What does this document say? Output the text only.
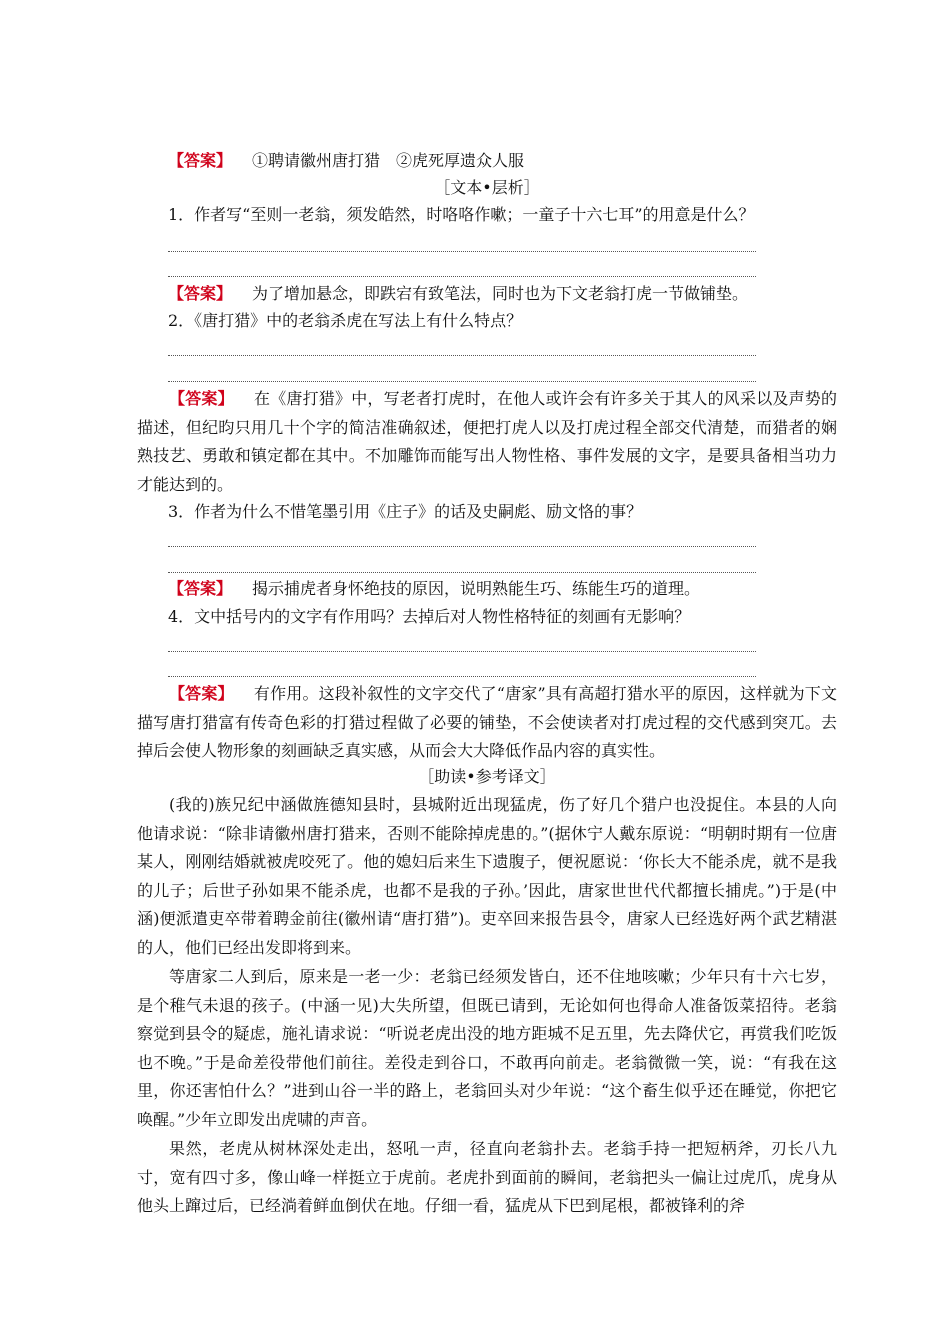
【答案】 ①聘请徽州唐打猎　②虎死厚遗众人服
［文本•层析］
1．作者写“至则一老翁，须发皓然，时咯咯作嗽；一童子十六七耳”的用意是什么？
【答案】 为了增加悬念，即跌宕有致笔法，同时也为下文老翁打虎一节做铺垫。
2．《唐打猎》中的老翁杀虎在写法上有什么特点？
【答案】 在《唐打猎》中，写老者打虎时，在他人或许会有许多关于其人的风采以及声势的描述，但纪昀只用几十个字的简洁准确叙述，便把打虎人以及打虎过程全部交代清楚，而猎者的娴熟技艺、勇敢和镇定都在其中。不加雕饰而能写出人物性格、事件发展的文字，是要具备相当功力才能达到的。
3．作者为什么不惜笔墨引用《庄子》的话及史嗣彪、励文恪的事？
【答案】 揭示捕虎者身怀绝技的原因，说明熟能生巧、练能生巧的道理。
4．文中括号内的文字有作用吗？去掉后对人物性格特征的刻画有无影响？
【答案】 有作用。这段补叙性的文字交代了“唐家”具有高超打猎水平的原因，这样就为下文描写唐打猎富有传奇色彩的打猎过程做了必要的铺垫，不会使读者对打虎过程的交代感到突兀。去掉后会使人物形象的刻画缺乏真实感，从而会大大降低作品内容的真实性。
［助读•参考译文］
(我的)族兄纪中涵做旌德知县时，县城附近出现猛虎，伤了好几个猎户也没捉住。本县的人向他请求说：“除非请徽州唐打猎来，否则不能除掉虎患的。”(据休宁人戴东原说：“明朝时期有一位唐某人，刚刚结婚就被虎咬死了。他的媳妇后来生下遗腹子，便祝愿说：‘你长大不能杀虎，就不是我的儿子；后世子孙如果不能杀虎，也都不是我的子孙。’因此，唐家世世代代都擅长捕虎。”)于是(中涵)便派遣吏卒带着聘金前往(徽州请“唐打猎”)。吏卒回来报告县令，唐家人已经选好两个武艺精湛的人，他们已经出发即将到来。
等唐家二人到后，原来是一老一少：老翁已经须发皆白，还不住地咳嗽；少年只有十六七岁，是个稚气未退的孩子。(中涵一见)大失所望，但既已请到，无论如何也得命人准备饭菜招待。老翁察觉到县令的疑虑，施礼请求说：“听说老虎出没的地方距城不足五里，先去降伏它，再赏我们吃饭也不晚。”于是命差役带他们前往。差役走到谷口，不敢再向前走。老翁微微一笑，说：“有我在这里，你还害怕什么？”进到山谷一半的路上，老翁回头对少年说：“这个畜生似乎还在睡觉，你把它唤醒。”少年立即发出虎啸的声音。
果然，老虎从树林深处走出，怒吼一声，径直向老翁扑去。老翁手持一把短柄斧，刃长八九寸，宽有四寸多，像山峰一样挺立于虎前。老虎扑到面前的瞬间，老翁把头一偏让过虎爪，虎身从他头上蹿过后，已经淌着鲜血倒伏在地。仔细一看，猛虎从下巴到尾根，都被锋利的斧
